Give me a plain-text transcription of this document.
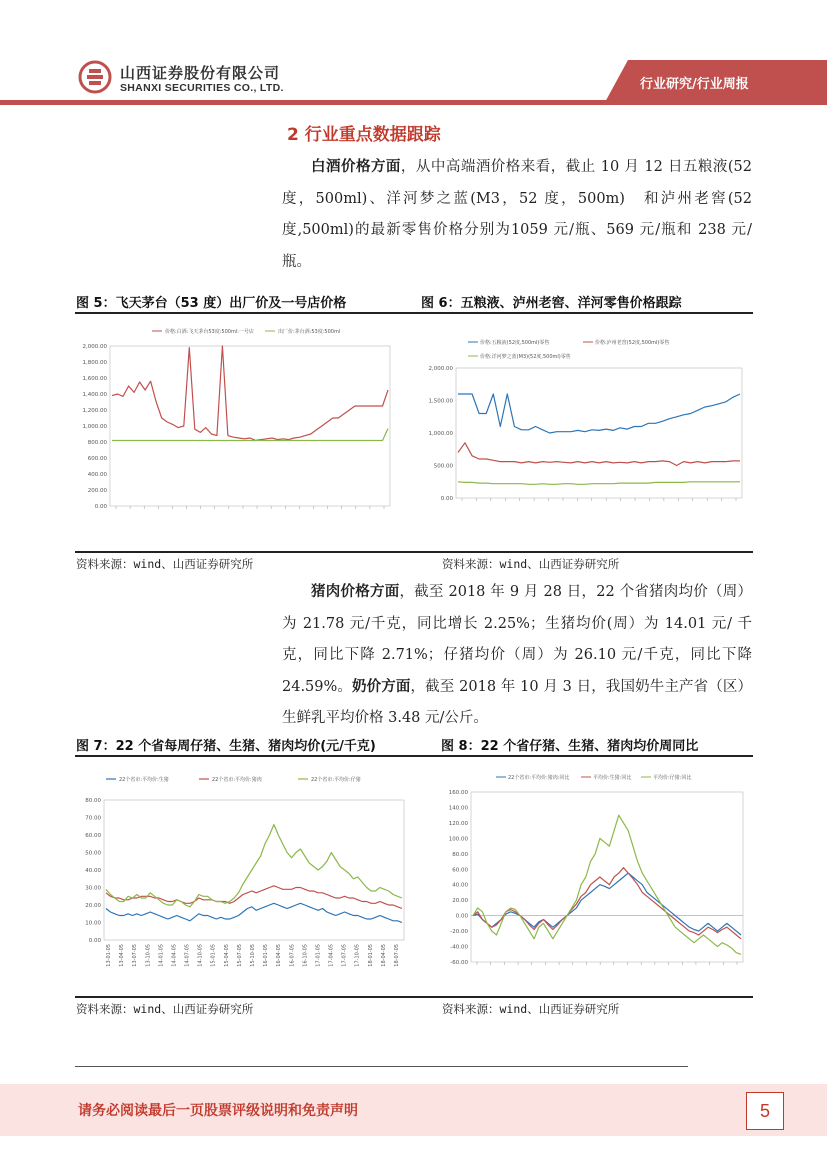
山西证券股份有限公司
SHANXI SECURITIES CO., LTD.	行业研究/行业周报
2 行业重点数据跟踪
白酒价格方面，从中高端酒价格来看，截止 10 月 12 日五粮液(52 度，500ml)、洋河梦之蓝(M3，52 度，500m)　和泸州老窖(52 度,500ml)的最新零售价格分别为1059 元/瓶、569 元/瓶和 238 元/瓶。
图 5：飞天茅台（53 度）出厂价及一号店价格	图 6：五粮液、泸州老窖、洋河零售价格跟踪
价格:白酒:飞天茅台53度:500ml:一号店	出厂价:茅台酒:53度:500ml
2,000.00
1,800.00
1,600.00
1,400.00
1,200.00
1,000.00
800.00
600.00
400.00
200.00
0.00
价格:五粮液(52度,500ml)零售	价格:泸州老窖(52度,500ml)零售
价格:洋河梦之蓝(M3)(52度,500ml)零售
2,000.00
1,500.00
1,000.00
500.00
0.00
资料来源：wind、山西证券研究所	资料来源：wind、山西证券研究所
猪肉价格方面，截至 2018 年 9 月 28 日，22 个省猪肉均价（周）为 21.78 元/千克，同比增长 2.25%；生猪均价(周）为 14.01 元/ 千克，同比下降 2.71%；仔猪均价（周）为 26.10 元/千克，同比下降 24.59%。奶价方面，截至 2018 年 10 月 3 日，我国奶牛主产省（区）生鲜乳平均价格 3.48 元/公斤。
图 7：22 个省每周仔猪、生猪、猪肉均价(元/千克)	图 8：22 个省仔猪、生猪、猪肉均价周同比
22个省市:平均价:生猪	22个省市:平均价:猪肉	22个省市:平均价:仔猪
80.00
70.00
60.00
50.00
40.00
30.00
20.00
10.00
0.00
13-01-05 13-04-05 13-07-05 13-10-05 14-01-05 14-04-05 14-07-05 14-10-05 15-01-05 15-04-05 15-07-05 15-10-05 16-01-05 16-04-05 16-07-05 16-10-05 17-01-05 17-04-05 17-07-05 17-10-05 18-01-05 18-04-05 18-07-05
22个省市:平均价:猪肉:同比	平均价:生猪:同比	平均价:仔猪:同比
160.00
140.00
120.00
100.00
80.00
60.00
40.00
20.00
0.00
-20.00
-40.00
-60.00
资料来源：wind、山西证券研究所	资料来源：wind、山西证券研究所
请务必阅读最后一页股票评级说明和免责声明	5
